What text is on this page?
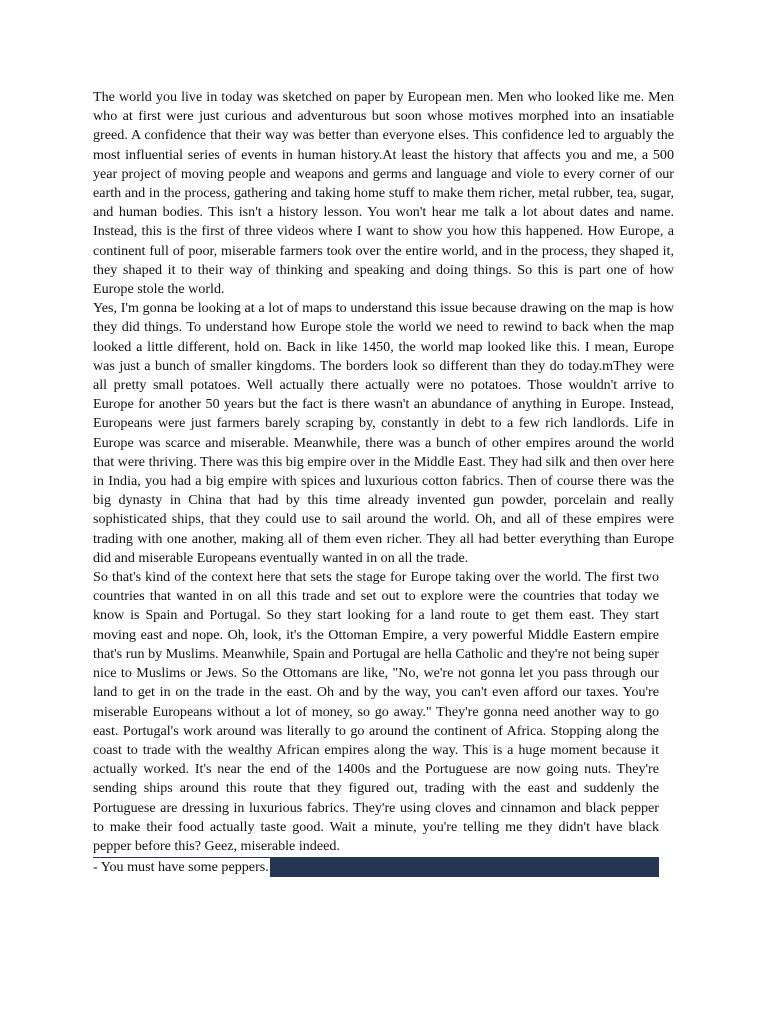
The world you live in today was sketched on paper by European men. Men who looked like me. Men who at first were just curious and adventurous but soon whose motives morphed into an insatiable greed. A confidence that their way was better than everyone elses. This confidence led to arguably the most influential series of events in human history.At least the history that affects you and me, a 500 year project of moving people and weapons and germs and language and viole to every corner of our earth and in the process, gathering and taking home stuff to make them richer, metal rubber, tea, sugar, and human bodies. This isn't a history lesson. You won't hear me talk a lot about dates and name. Instead, this is the first of three videos where I want to show you how this happened. How Europe, a continent full of poor, miserable farmers took over the entire world, and in the process, they shaped it, they shaped it to their way of thinking and speaking and doing things. So this is part one of how Europe stole the world.

Yes, I'm gonna be looking at a lot of maps to understand this issue because drawing on the map is how they did things. To understand how Europe stole the world we need to rewind to back when the map looked a little different, hold on. Back in like 1450, the world map looked like this. I mean, Europe was just a bunch of smaller kingdoms. The borders look so different than they do today.mThey were all pretty small potatoes. Well actually there actually were no potatoes. Those wouldn't arrive to Europe for another 50 years but the fact is there wasn't an abundance of anything in Europe. Instead, Europeans were just farmers barely scraping by, constantly in debt to a few rich landlords. Life in Europe was scarce and miserable. Meanwhile, there was a bunch of other empires around the world that were thriving. There was this big empire over in the Middle East. They had silk and then over here in India, you had a big empire with spices and luxurious cotton fabrics. Then of course there was the big dynasty in China that had by this time already invented gun powder, porcelain and really sophisticated ships, that they could use to sail around the world. Oh, and all of these empires were trading with one another, making all of them even richer. They all had better everything than Europe did and miserable Europeans eventually wanted in on all the trade.

So that's kind of the context here that sets the stage for Europe taking over the world. The first two countries that wanted in on all this trade and set out to explore were the countries that today we know is Spain and Portugal. So they start looking for a land route to get them east. They start moving east and nope. Oh, look, it's the Ottoman Empire, a very powerful Middle Eastern empire that's run by Muslims. Meanwhile, Spain and Portugal are hella Catholic and they're not being super nice to Muslims or Jews. So the Ottomans are like, "No, we're not gonna let you pass through our land to get in on the trade in the east. Oh and by the way, you can't even afford our taxes. You're miserable Europeans without a lot of money, so go away." They're gonna need another way to go east. Portugal's work around was literally to go around the continent of Africa. Stopping along the coast to trade with the wealthy African empires along the way. This is a huge moment because it actually worked. It's near the end of the 1400s and the Portuguese are now going nuts. They're sending ships around this route that they figured out, trading with the east and suddenly the Portuguese are dressing in luxurious fabrics. They're using cloves and cinnamon and black pepper to make their food actually taste good. Wait a minute, you're telling me they didn't have black pepper before this? Geez, miserable indeed.

- You must have some peppers.
